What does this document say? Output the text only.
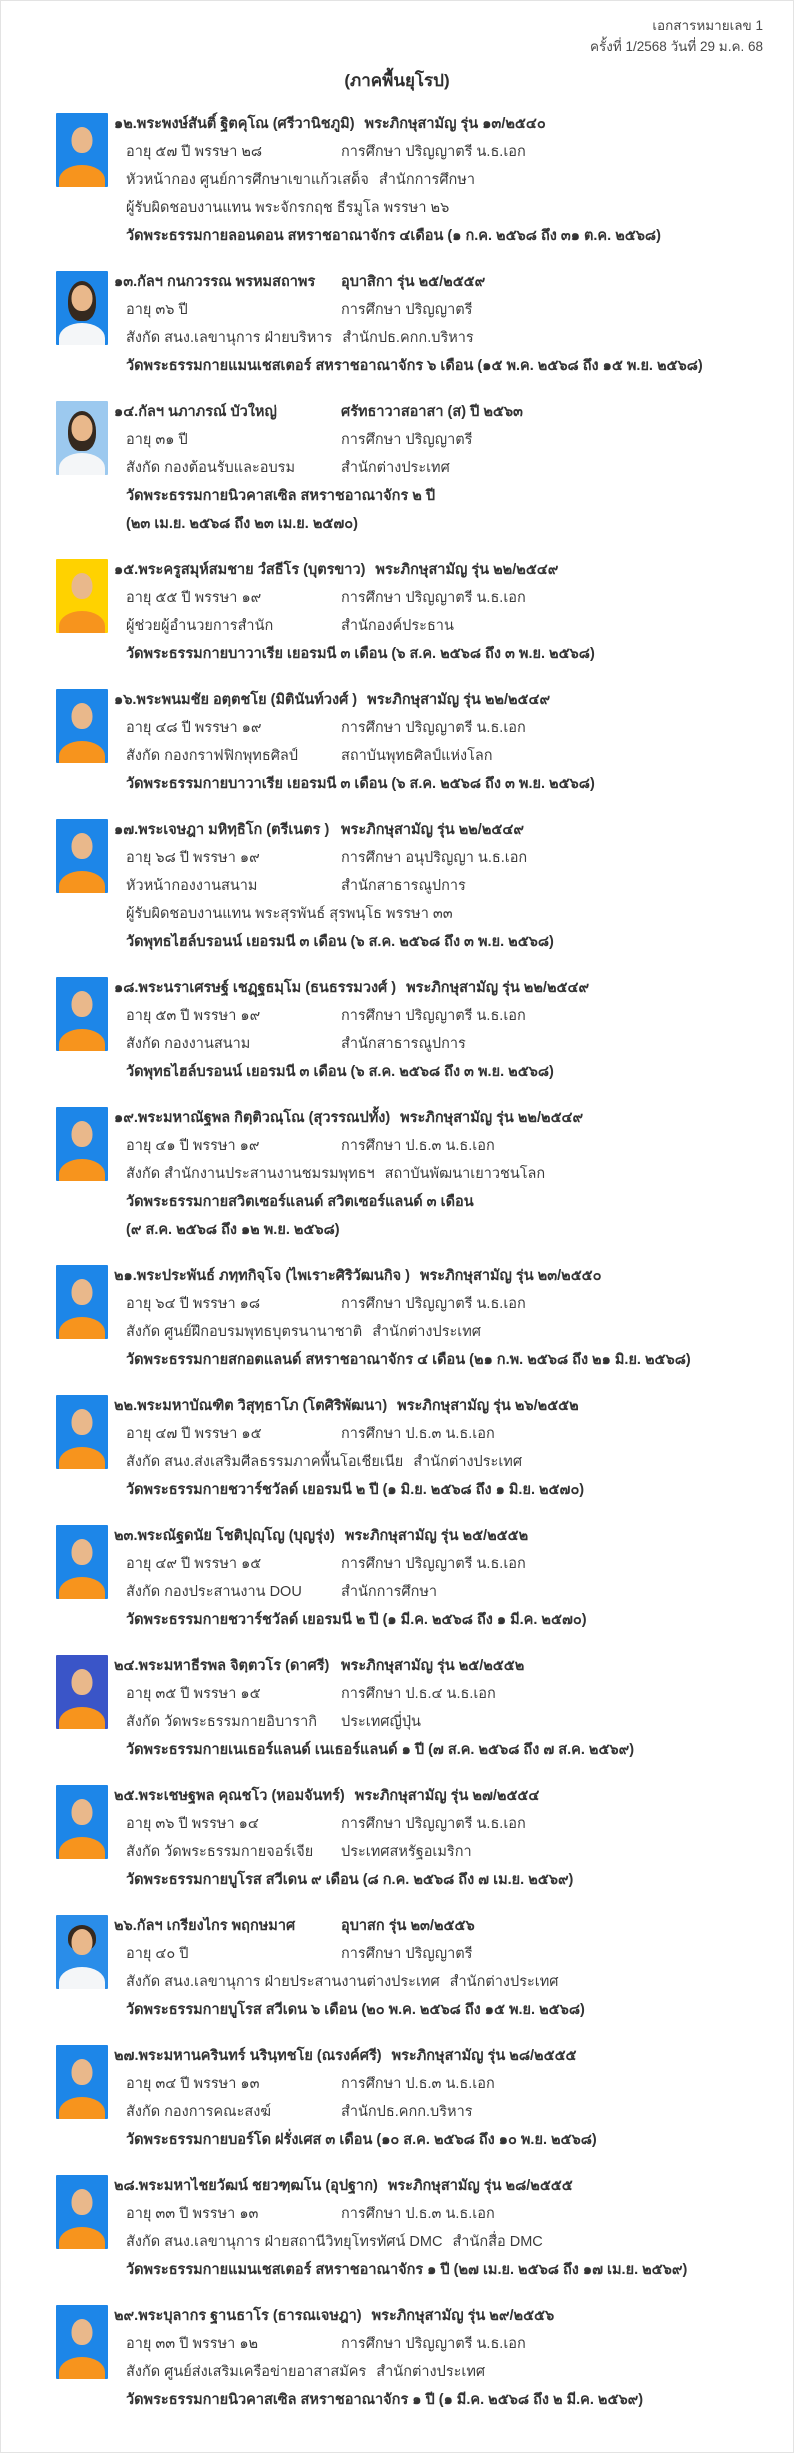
เอกสารหมายเลข 1
ครั้งที่ 1/2568 วันที่ 29 ม.ค. 68
(ภาคพื้นยุโรป)
๑๒.พระพงษ์สันติ์ ฐิตคุโณ (ศรีวานิชภูมิ) พระภิกษุสามัญ รุ่น ๑๓/๒๕๔๐
อายุ ๕๗ ปี พรรษา ๒๘	การศึกษา ปริญญาตรี น.ธ.เอก
หัวหน้ากอง ศูนย์การศึกษาเขาแก้วเสด็จ สำนักการศึกษา
ผู้รับผิดชอบงานแทน พระจักรกฤช ธีรมูโล พรรษา ๒๖
วัดพระธรรมกายลอนดอน สหราชอาณาจักร ๔เดือน (๑ ก.ค. ๒๕๖๘ ถึง ๓๑ ต.ค. ๒๕๖๘)
๑๓.กัลฯ กนกวรรณ พรหมสถาพร	อุบาสิกา รุ่น ๒๕/๒๕๕๙
อายุ ๓๖ ปี	การศึกษา ปริญญาตรี
สังกัด สนง.เลขานุการ ฝ่ายบริหาร สำนักปธ.คกก.บริหาร
วัดพระธรรมกายแมนเชสเตอร์ สหราชอาณาจักร ๖ เดือน (๑๕ พ.ค. ๒๕๖๘ ถึง ๑๕ พ.ย. ๒๕๖๘)
๑๔.กัลฯ นภาภรณ์ บัวใหญ่	ศรัทธาวาสอาสา (ส) ปี ๒๕๖๓
อายุ ๓๑ ปี	การศึกษา ปริญญาตรี
สังกัด กองต้อนรับและอบรม	สำนักต่างประเทศ
วัดพระธรรมกายนิวคาสเซิล สหราชอาณาจักร ๒ ปี
(๒๓ เม.ย. ๒๕๖๘ ถึง ๒๓ เม.ย. ๒๕๗๐)
๑๕.พระครูสมุห์สมชาย วํสธีโร (บุตรขาว) พระภิกษุสามัญ รุ่น ๒๒/๒๕๔๙
อายุ ๕๕ ปี พรรษา ๑๙	การศึกษา ปริญญาตรี น.ธ.เอก
ผู้ช่วยผู้อำนวยการสำนัก	สำนักองค์ประธาน
วัดพระธรรมกายบาวาเรีย เยอรมนี ๓ เดือน (๖ ส.ค. ๒๕๖๘ ถึง ๓ พ.ย. ๒๕๖๘)
๑๖.พระพนมชัย อตฺตชโย (มิตินันท์วงศ์ ) พระภิกษุสามัญ รุ่น ๒๒/๒๕๔๙
อายุ ๔๘ ปี พรรษา ๑๙	การศึกษา ปริญญาตรี น.ธ.เอก
สังกัด กองกราฟฟิกพุทธศิลป์	สถาบันพุทธศิลป์แห่งโลก
วัดพระธรรมกายบาวาเรีย เยอรมนี ๓ เดือน (๖ ส.ค. ๒๕๖๘ ถึง ๓ พ.ย. ๒๕๖๘)
๑๗.พระเจษฎา มหิทฺธิโก (ตรีเนตร ) พระภิกษุสามัญ รุ่น ๒๒/๒๕๔๙
อายุ ๖๘ ปี พรรษา ๑๙	การศึกษา อนุปริญญา น.ธ.เอก
หัวหน้ากองงานสนาม	สำนักสาธารณูปการ
ผู้รับผิดชอบงานแทน พระสุรพันธ์ สุรพนฺโธ พรรษา ๓๓
วัดพุทธไฮล์บรอนน์ เยอรมนี ๓ เดือน (๖ ส.ค. ๒๕๖๘ ถึง ๓ พ.ย. ๒๕๖๘)
๑๘.พระนราเศรษฐ์ เชฏฺฐธมฺโม (ธนธรรมวงศ์ ) พระภิกษุสามัญ รุ่น ๒๒/๒๕๔๙
อายุ ๕๓ ปี พรรษา ๑๙	การศึกษา ปริญญาตรี น.ธ.เอก
สังกัด กองงานสนาม	สำนักสาธารณูปการ
วัดพุทธไฮล์บรอนน์ เยอรมนี ๓ เดือน (๖ ส.ค. ๒๕๖๘ ถึง ๓ พ.ย. ๒๕๖๘)
๑๙.พระมหาณัฐพล กิตฺติวณฺโณ (สุวรรณปทั้ง) พระภิกษุสามัญ รุ่น ๒๒/๒๕๔๙
อายุ ๔๑ ปี พรรษา ๑๙	การศึกษา ป.ธ.๓ น.ธ.เอก
สังกัด สำนักงานประสานงานชมรมพุทธฯ สถาบันพัฒนาเยาวชนโลก
วัดพระธรรมกายสวิตเซอร์แลนด์ สวิตเซอร์แลนด์ ๓ เดือน
(๙ ส.ค. ๒๕๖๘ ถึง ๑๒ พ.ย. ๒๕๖๘)
๒๑.พระประพันธ์ ภทฺทกิจฺโจ (ไพเราะศิริวัฒนกิจ ) พระภิกษุสามัญ รุ่น ๒๓/๒๕๕๐
อายุ ๖๔ ปี พรรษา ๑๘	การศึกษา ปริญญาตรี น.ธ.เอก
สังกัด ศูนย์ฝึกอบรมพุทธบุตรนานาชาติ สำนักต่างประเทศ
วัดพระธรรมกายสกอตแลนด์ สหราชอาณาจักร ๔ เดือน (๒๑ ก.พ. ๒๕๖๘ ถึง ๒๑ มิ.ย. ๒๕๖๘)
๒๒.พระมหาบัณฑิต วิสุทฺธาโภ (โตศิริพัฒนา) พระภิกษุสามัญ รุ่น ๒๖/๒๕๕๒
อายุ ๔๗ ปี พรรษา ๑๕	การศึกษา ป.ธ.๓ น.ธ.เอก
สังกัด สนง.ส่งเสริมศีลธรรมภาคพื้นโอเชียเนีย สำนักต่างประเทศ
วัดพระธรรมกายชวาร์ชวัลด์ เยอรมนี ๒ ปี (๑ มิ.ย. ๒๕๖๘ ถึง ๑ มิ.ย. ๒๕๗๐)
๒๓.พระณัฐดนัย โชติปุญฺโญ (บุญรุ่ง) พระภิกษุสามัญ รุ่น ๒๕/๒๕๕๒
อายุ ๔๙ ปี พรรษา ๑๕	การศึกษา ปริญญาตรี น.ธ.เอก
สังกัด กองประสานงาน DOU	สำนักการศึกษา
วัดพระธรรมกายชวาร์ชวัลด์ เยอรมนี ๒ ปี (๑ มี.ค. ๒๕๖๘ ถึง ๑ มี.ค. ๒๕๗๐)
๒๔.พระมหาธีรพล จิตฺตวโร (ดาศรี) พระภิกษุสามัญ รุ่น ๒๕/๒๕๕๒
อายุ ๓๕ ปี พรรษา ๑๕	การศึกษา ป.ธ.๔ น.ธ.เอก
สังกัด วัดพระธรรมกายอิบารากิ	ประเทศญี่ปุ่น
วัดพระธรรมกายเนเธอร์แลนด์ เนเธอร์แลนด์ ๑ ปี (๗ ส.ค. ๒๕๖๘ ถึง ๗ ส.ค. ๒๕๖๙)
๒๕.พระเชษฐพล คุณชโว (หอมจันทร์) พระภิกษุสามัญ รุ่น ๒๗/๒๕๕๔
อายุ ๓๖ ปี พรรษา ๑๔	การศึกษา ปริญญาตรี น.ธ.เอก
สังกัด วัดพระธรรมกายจอร์เจีย	ประเทศสหรัฐอเมริกา
วัดพระธรรมกายบูโรส สวีเดน ๙ เดือน (๘ ก.ค. ๒๕๖๘ ถึง ๗ เม.ย. ๒๕๖๙)
๒๖.กัลฯ เกรียงไกร พฤกษมาศ	อุบาสก รุ่น ๒๓/๒๕๕๖
อายุ ๔๐ ปี	การศึกษา ปริญญาตรี
สังกัด สนง.เลขานุการ ฝ่ายประสานงานต่างประเทศ สำนักต่างประเทศ
วัดพระธรรมกายบูโรส สวีเดน ๖ เดือน (๒๐ พ.ค. ๒๕๖๘ ถึง ๑๕ พ.ย. ๒๕๖๘)
๒๗.พระมหานครินทร์ นรินฺทชโย (ณรงค์ศรี) พระภิกษุสามัญ รุ่น ๒๘/๒๕๕๕
อายุ ๓๔ ปี พรรษา ๑๓	การศึกษา ป.ธ.๓ น.ธ.เอก
สังกัด กองการคณะสงฆ์	สำนักปธ.คกก.บริหาร
วัดพระธรรมกายบอร์โด ฝรั่งเศส ๓ เดือน (๑๐ ส.ค. ๒๕๖๘ ถึง ๑๐ พ.ย. ๒๕๖๘)
๒๘.พระมหาไชยวัฒน์ ชยวฑฺฒโน (อุปฐาก) พระภิกษุสามัญ รุ่น ๒๘/๒๕๕๕
อายุ ๓๓ ปี พรรษา ๑๓	การศึกษา ป.ธ.๓ น.ธ.เอก
สังกัด สนง.เลขานุการ ฝ่ายสถานีวิทยุโทรทัศน์ DMC สำนักสื่อ DMC
วัดพระธรรมกายแมนเชสเตอร์ สหราชอาณาจักร ๑ ปี (๒๗ เม.ย. ๒๕๖๘ ถึง ๑๗ เม.ย. ๒๕๖๙)
๒๙.พระบุลากร ฐานธาโร (ธารณเจษฎา) พระภิกษุสามัญ รุ่น ๒๙/๒๕๕๖
อายุ ๓๓ ปี พรรษา ๑๒	การศึกษา ปริญญาตรี น.ธ.เอก
สังกัด ศูนย์ส่งเสริมเครือข่ายอาสาสมัคร สำนักต่างประเทศ
วัดพระธรรมกายนิวคาสเซิล สหราชอาณาจักร ๑ ปี (๑ มี.ค. ๒๕๖๘ ถึง ๒ มี.ค. ๒๕๖๙)
